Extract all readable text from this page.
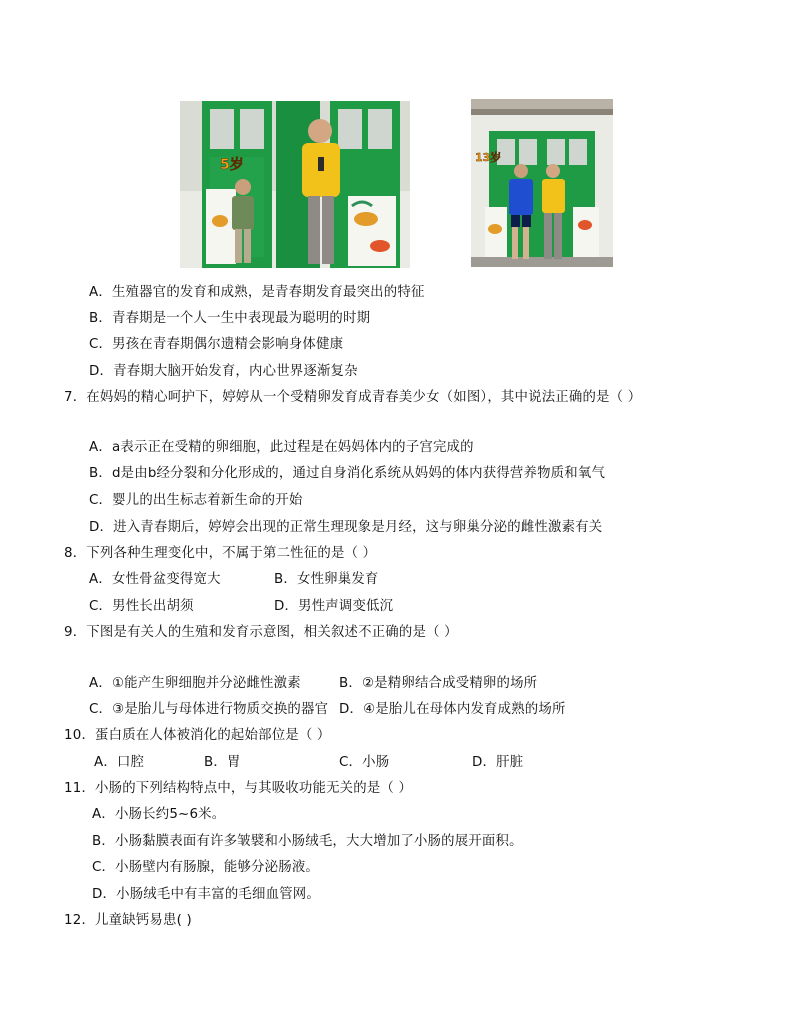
5岁	13岁
A．生殖器官的发育和成熟，是青春期发育最突出的特征
B．青春期是一个人一生中表现最为聪明的时期
C．男孩在青春期偶尔遗精会影响身体健康
D．青春期大脑开始发育，内心世界逐渐复杂
7．在妈妈的精心呵护下，婷婷从一个受精卵发育成青春美少女（如图），其中说法正确的是（ ）
A．a表示正在受精的卵细胞，此过程是在妈妈体内的子宫完成的
B．d是由b经分裂和分化形成的，通过自身消化系统从妈妈的体内获得营养物质和氧气
C．婴儿的出生标志着新生命的开始
D．进入青春期后，婷婷会出现的正常生理现象是月经，这与卵巢分泌的雌性激素有关
8．下列各种生理变化中，不属于第二性征的是（ ）
A．女性骨盆变得宽大	B．女性卵巢发育
C．男性长出胡须	D．男性声调变低沉
9．下图是有关人的生殖和发育示意图，相关叙述不正确的是（ ）
A．①能产生卵细胞并分泌雌性激素	B．②是精卵结合成受精卵的场所
C．③是胎儿与母体进行物质交换的器官 D．④是胎儿在母体内发育成熟的场所
10．蛋白质在人体被消化的起始部位是（ ）
A．口腔	B．胃	C．小肠	D．肝脏
11．小肠的下列结构特点中，与其吸收功能无关的是（ ）
A．小肠长约5~6米。
B．小肠黏膜表面有许多皱襞和小肠绒毛，大大增加了小肠的展开面积。
C．小肠壁内有肠腺，能够分泌肠液。
D．小肠绒毛中有丰富的毛细血管网。
12．儿童缺钙易患( )
